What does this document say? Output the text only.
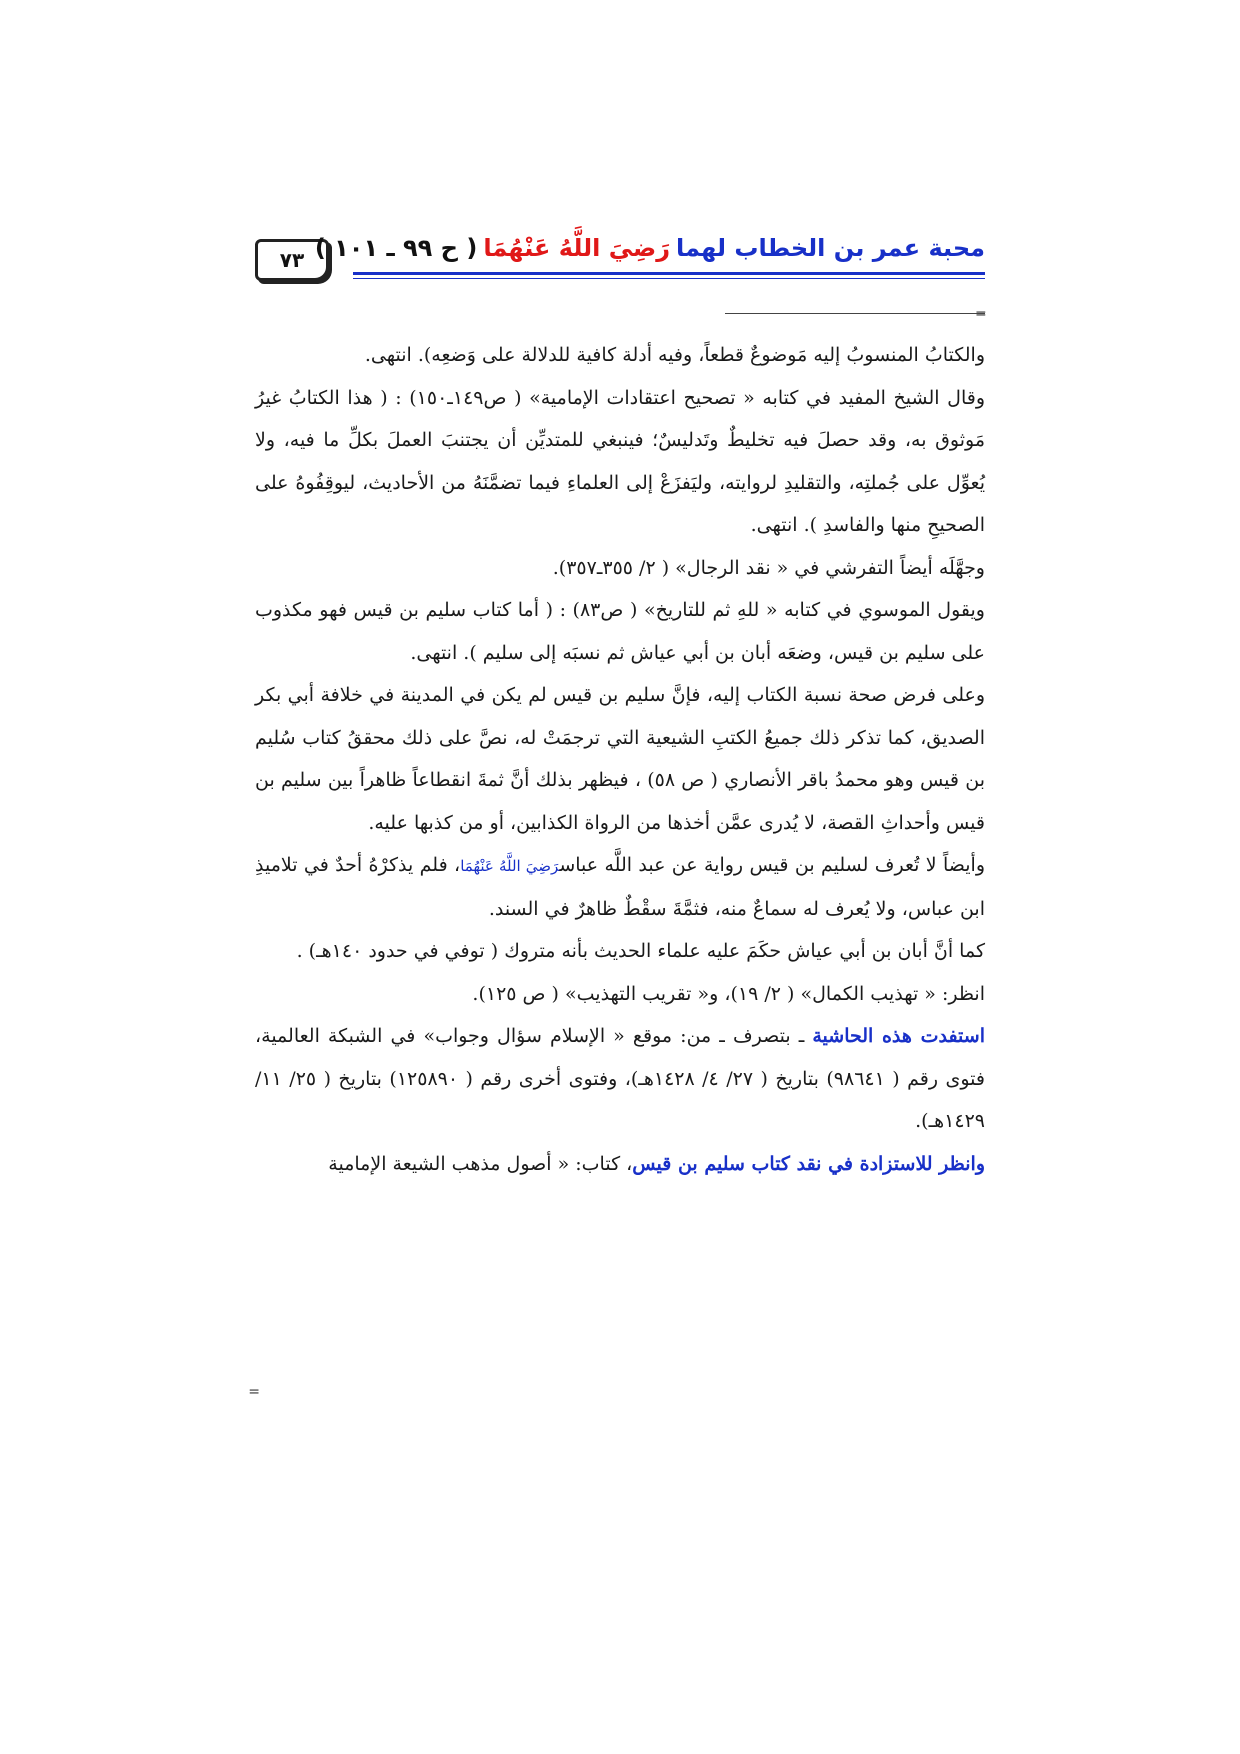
٧٣	محبة عمر بن الخطاب لهمارَضِيَ اللَّهُ عَنْهُمَا( ح ٩٩ ـ ١٠١ )
=

والكتابُ المنسوبُ إليه مَوضوعٌ قطعاً، وفيه أدلة كافية للدلالة على وَضعِه). انتهى.

وقال الشيخ المفيد في كتابه « تصحيح اعتقادات الإمامية» ( ص١٤٩ـ١٥٠) : ( هذا الكتابُ غيرُ مَوثوق به، وقد حصلَ فيه تخليطٌ وتَدليسٌ؛ فينبغي للمتديِّن أن يجتنبَ العملَ بكلِّ ما فيه، ولا يُعوِّل على جُملتِه، والتقليدِ لروايته، وليَفزَعْ إلى العلماءِ فيما تضمَّنَهُ من الأحاديث، ليوقِفُوهُ على الصحيحِ منها والفاسدِ ). انتهى.

وجهَّلَه أيضاً التفرشي في « نقد الرجال» ( ٢/ ٣٥٥ـ٣٥٧).

ويقول الموسوي في كتابه « للهِ ثم للتاريخ» ( ص٨٣) : ( أما كتاب سليم بن قيس فهو مكذوب على سليم بن قيس، وضعَه أبان بن أبي عياش ثم نسبَه إلى سليم ). انتهى.

وعلى فرض صحة نسبة الكتاب إليه، فإنَّ سليم بن قيس لم يكن في المدينة في خلافة أبي بكر الصديق، كما تذكر ذلك جميعُ الكتبِ الشيعية التي ترجمَتْ له، نصَّ على ذلك محققُ كتاب سُليم بن قيس وهو محمدُ باقر الأنصاري ( ص ٥٨) ، فيظهر بذلك أنَّ ثمةَ انقطاعاً ظاهراً بين سليم بن قيس وأحداثِ القصة، لا يُدرى عمَّن أخذها من الرواة الكذابين، أو من كذبها عليه.

وأيضاً لا تُعرف لسليم بن قيس رواية عن عبد اللَّه عباسرَضِيَ اللَّهُ عَنْهُمَا، فلم يذكرْهُ أحدٌ في تلاميذِ ابن عباس، ولا يُعرف له سماعٌ منه، فثمَّةَ سقْطٌ ظاهرٌ في السند.

كما أنَّ أبان بن أبي عياش حكَمَ عليه علماء الحديث بأنه متروك ( توفي في حدود ١٤٠هـ) .

انظر: « تهذيب الكمال» ( ٢/ ١٩)، و« تقريب التهذيب» ( ص ١٢٥).

استفدت هذه الحاشية ـ بتصرف ـ من: موقع « الإسلام سؤال وجواب» في الشبكة العالمية، فتوى رقم ( ٩٨٦٤١) بتاريخ ( ٢٧/ ٤/ ١٤٢٨هـ)، وفتوى أخرى رقم ( ١٢٥٨٩٠) بتاريخ ( ٢٥/ ١١/ ١٤٢٩هـ).

وانظر للاستزادة في نقد كتاب سليم بن قيس، كتاب: « أصول مذهب الشيعة الإمامية

=
